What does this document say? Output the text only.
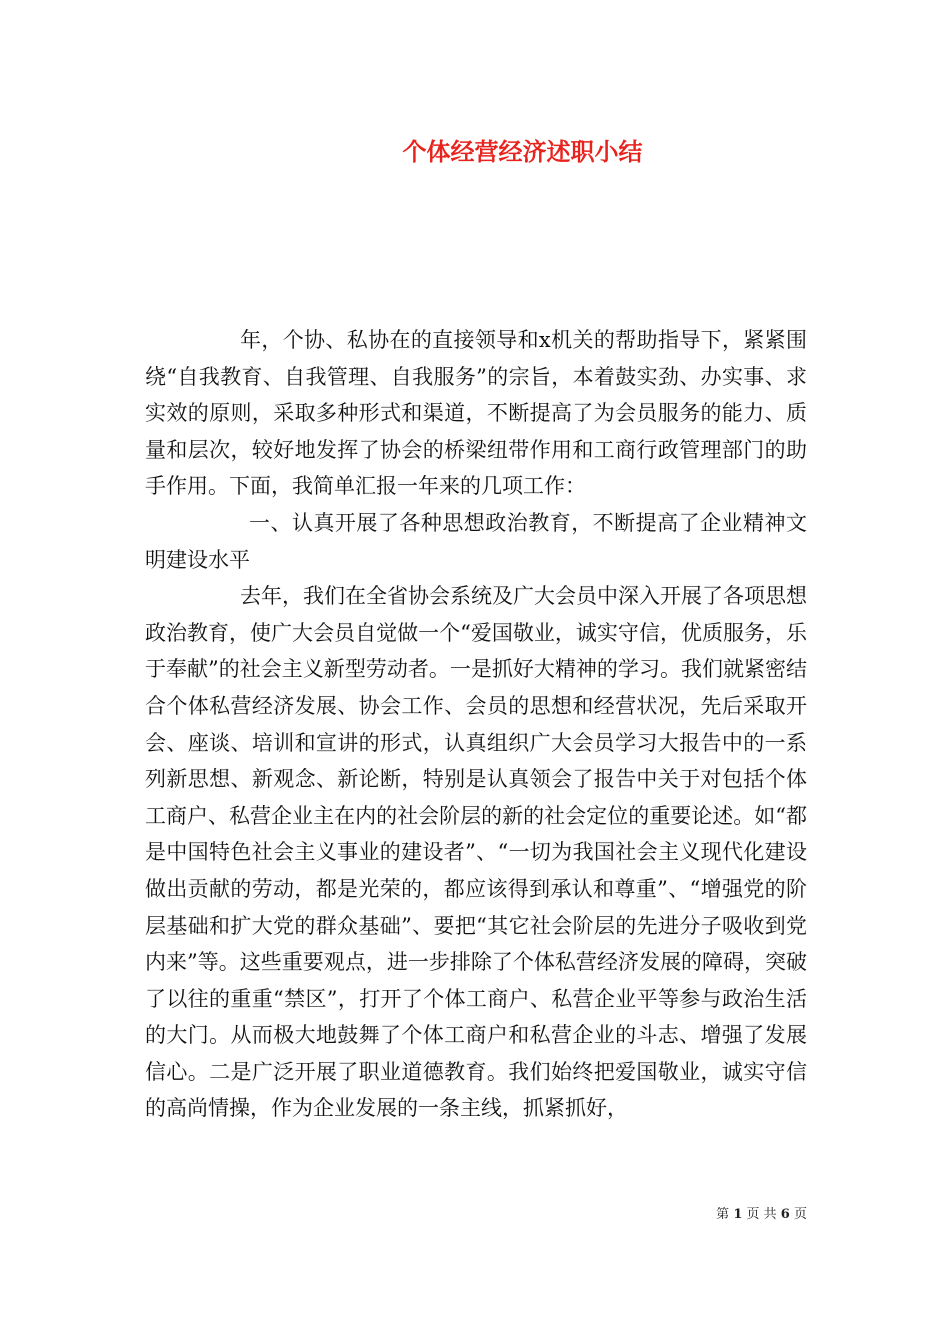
个体经营经济述职小结

年，个协、私协在的直接领导和x机关的帮助指导下，紧紧围绕“自我教育、自我管理、自我服务”的宗旨，本着鼓实劲、办实事、求实效的原则，采取多种形式和渠道，不断提高了为会员服务的能力、质量和层次，较好地发挥了协会的桥梁纽带作用和工商行政管理部门的助手作用。下面，我简单汇报一年来的几项工作：

一、认真开展了各种思想政治教育，不断提高了企业精神文明建设水平

去年，我们在全省协会系统及广大会员中深入开展了各项思想政治教育，使广大会员自觉做一个“爱国敬业，诚实守信，优质服务，乐于奉献”的社会主义新型劳动者。一是抓好大精神的学习。我们就紧密结合个体私营经济发展、协会工作、会员的思想和经营状况，先后采取开会、座谈、培训和宣讲的形式，认真组织广大会员学习大报告中的一系列新思想、新观念、新论断，特别是认真领会了报告中关于对包括个体工商户、私营企业主在内的社会阶层的新的社会定位的重要论述。如“都是中国特色社会主义事业的建设者”、“一切为我国社会主义现代化建设做出贡献的劳动，都是光荣的，都应该得到承认和尊重”、“增强党的阶层基础和扩大党的群众基础”、要把“其它社会阶层的先进分子吸收到党内来”等。这些重要观点，进一步排除了个体私营经济发展的障碍，突破了以往的重重“禁区”，打开了个体工商户、私营企业平等参与政治生活的大门。从而极大地鼓舞了个体工商户和私营企业的斗志、增强了发展信心。二是广泛开展了职业道德教育。我们始终把爱国敬业，诚实守信的高尚情操，作为企业发展的一条主线，抓紧抓好，

第 1 页 共 6 页
